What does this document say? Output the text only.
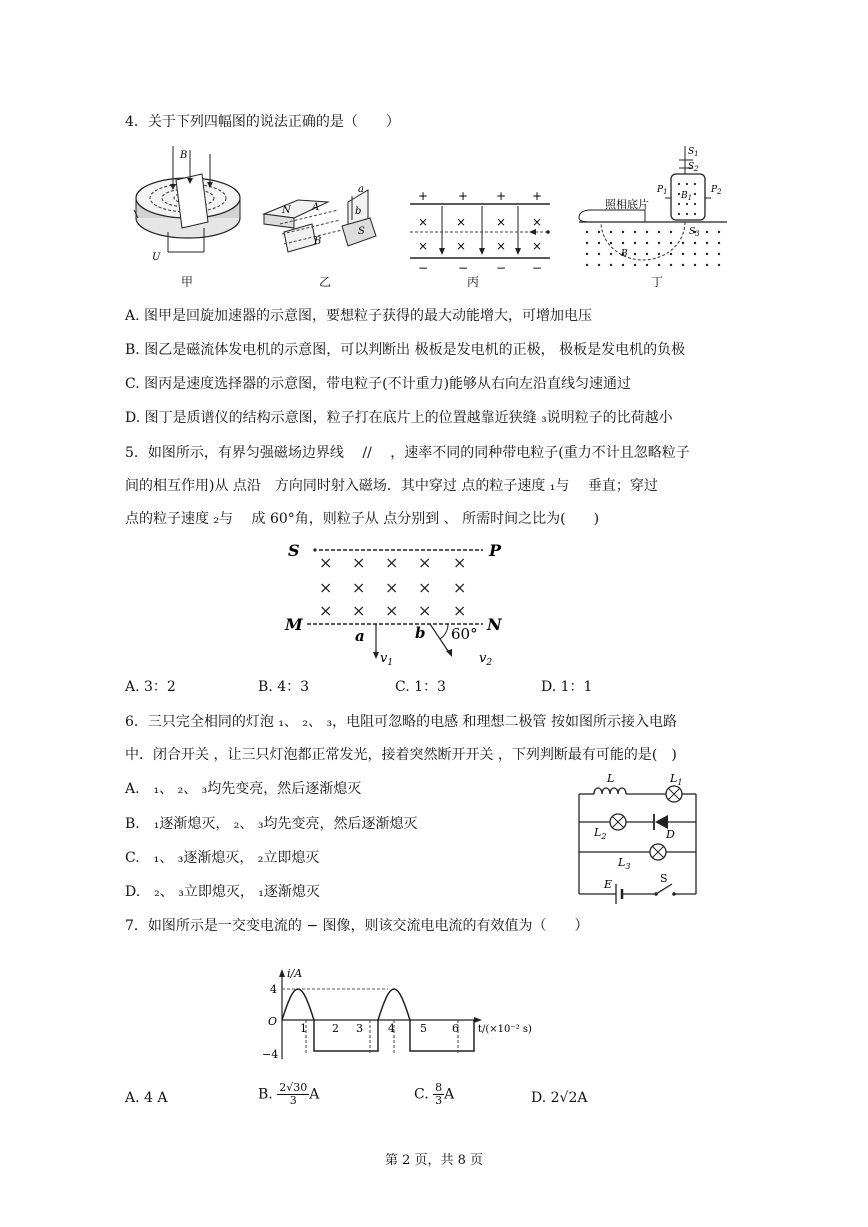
4．关于下列四幅图的说法正确的是（　　）
B
U
甲
N A
B
S
a
b
乙
+ + + +
− − − −
× × × ×
× × × ×
丙
照相底片
$S_1$
$S_2$
$S_3$
$P_1$	$P_2$
$B_1$
B
丁
A. 图甲是回旋加速器的示意图，要想粒子获得的最大动能增大，可增加电压
B. 图乙是磁流体发电机的示意图，可以判断出 极板是发电机的正极， 极板是发电机的负极
C. 图丙是速度选择器的示意图，带电粒子(不计重力)能够从右向左沿直线匀速通过
D. 图丁是质谱仪的结构示意图，粒子打在底片上的位置越靠近狭缝 ₃说明粒子的比荷越小
5．如图所示，有界匀强磁场边界线　 //　 ，速率不同的同种带电粒子(重力不计且忽略粒子
间的相互作用)从 点沿　方向同时射入磁场．其中穿过 点的粒子速度 ₁与　 垂直；穿过
点的粒子速度 ₂与　 成 60°角，则粒子从 点分别到 、 所需时间之比为(　　)
S	P
× × × × ×
× × × × ×
× × × × ×
M	N
a
$v_1$
b 60°
$v_2$
A. 3：2	B. 4：3	C. 1：3	D. 1：1
6．三只完全相同的灯泡 ₁、 ₂、 ₃，电阻可忽略的电感 和理想二极管 按如图所示接入电路
中．闭合开关 ，让三只灯泡都正常发光，接着突然断开开关 ，下列判断最有可能的是(　)
A.　₁、 ₂、 ₃均先变亮，然后逐渐熄灭
B.　₁逐渐熄灭， ₂、 ₃均先变亮，然后逐渐熄灭
C.　₁、 ₃逐渐熄灭， ₂立即熄灭
D.　₂、 ₃立即熄灭， ₁逐渐熄灭
L	$L_1$
$L_2$	D
$L_3$
E	S
7．如图所示是一交变电流的 − 图像，则该交流电电流的有效值为（　　）
i/A
t/(×10⁻² s)
O
4
−4
1 2 3 4 5 6
A. 4 A	B. $\frac{2√30}{3}$ A	C. $\frac{8}{3}$ A	D. 2√2A
第 2 页，共 8 页
